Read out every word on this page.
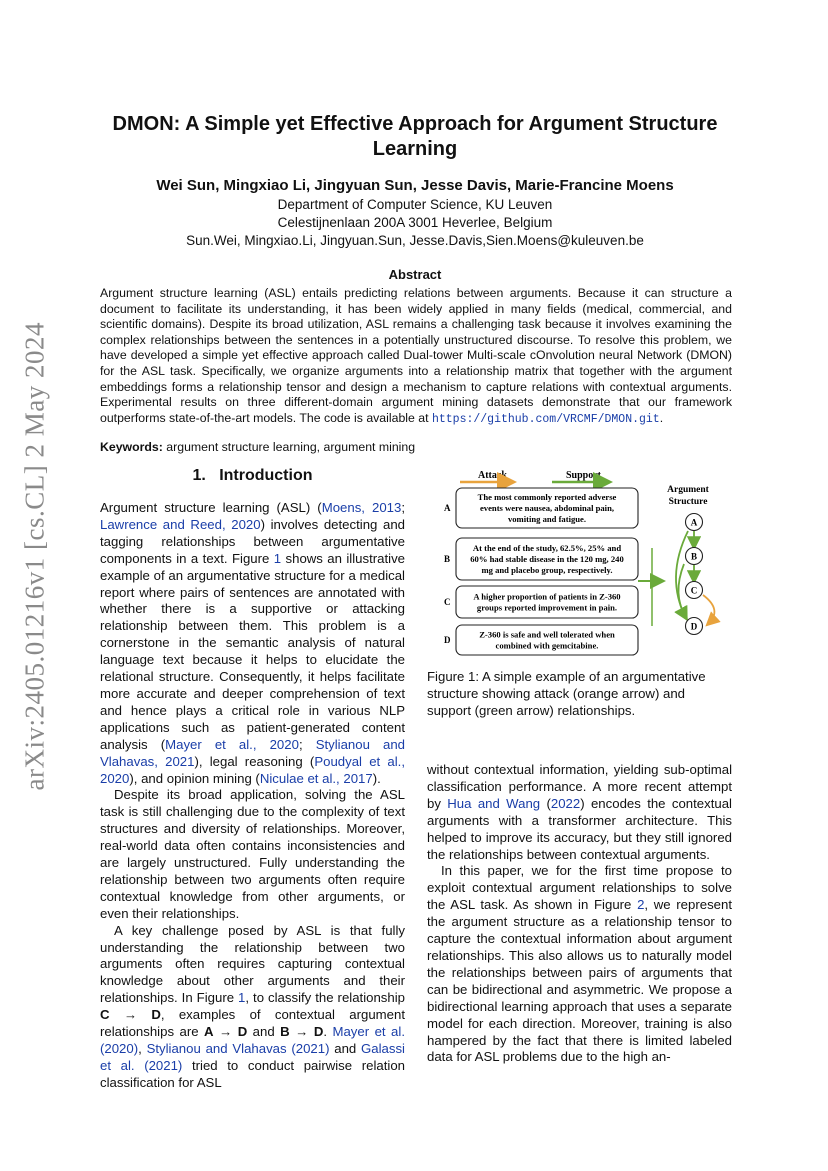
arXiv:2405.01216v1 [cs.CL] 2 May 2024
DMON: A Simple yet Effective Approach for Argument Structure Learning
Wei Sun, Mingxiao Li, Jingyuan Sun, Jesse Davis, Marie-Francine Moens
Department of Computer Science, KU Leuven
Celestijnenlaan 200A 3001 Heverlee, Belgium
Sun.Wei, Mingxiao.Li, Jingyuan.Sun, Jesse.Davis,Sien.Moens@kuleuven.be
Abstract
Argument structure learning (ASL) entails predicting relations between arguments. Because it can structure a document to facilitate its understanding, it has been widely applied in many fields (medical, commercial, and scientific domains). Despite its broad utilization, ASL remains a challenging task because it involves examining the complex relationships between the sentences in a potentially unstructured discourse. To resolve this problem, we have developed a simple yet effective approach called Dual-tower Multi-scale cOnvolution neural Network (DMON) for the ASL task. Specifically, we organize arguments into a relationship matrix that together with the argument embeddings forms a relationship tensor and design a mechanism to capture relations with contextual arguments. Experimental results on three different-domain argument mining datasets demonstrate that our framework outperforms state-of-the-art models. The code is available at https://github.com/VRCMF/DMON.git.
Keywords: argument structure learning, argument mining
1. Introduction

Argument structure learning (ASL) (Moens, 2013; Lawrence and Reed, 2020) involves detecting and tagging relationships between argumentative components in a text. Figure 1 shows an illustrative example of an argumentative structure for a medical report where pairs of sentences are annotated with whether there is a supportive or attacking relationship between them. This problem is a cornerstone in the semantic analysis of natural language text because it helps to elucidate the relational structure. Consequently, it helps facilitate more accurate and deeper comprehension of text and hence plays a critical role in various NLP applications such as patient-generated content analysis (Mayer et al., 2020; Stylianou and Vlahavas, 2021), legal reasoning (Poudyal et al., 2020), and opinion mining (Niculae et al., 2017).

Despite its broad application, solving the ASL task is still challenging due to the complexity of text structures and diversity of relationships. Moreover, real-world data often contains inconsistencies and are largely unstructured. Fully understanding the relationship between two arguments often require contextual knowledge from other arguments, or even their relationships.

A key challenge posed by ASL is that fully understanding the relationship between two arguments often requires capturing contextual knowledge about other arguments and their relationships. In Figure 1, to classify the relationship C → D, examples of contextual argument relationships are A → D and B → D. Mayer et al. (2020), Stylianou and Vlahavas (2021) and Galassi et al. (2021) tried to conduct pairwise relation classification for ASL

Attack	Support
Argument
Structure
A
The most commonly reported adverse
events were nausea, abdominal pain,
vomiting and fatigue.
B
At the end of the study, 62.5%, 25% and
60% had stable disease in the 120 mg, 240
mg and placebo group, respectively.
C
A higher proportion of patients in Z-360
groups reported improvement in pain.
D
Z-360 is safe and well tolerated when
combined with gemcitabine.
A
B
C
D
Figure 1: A simple example of an argumentative structure showing attack (orange arrow) and support (green arrow) relationships.

without contextual information, yielding sub-optimal classification performance. A more recent attempt by Hua and Wang (2022) encodes the contextual arguments with a transformer architecture. This helped to improve its accuracy, but they still ignored the relationships between contextual arguments.

In this paper, we for the first time propose to exploit contextual argument relationships to solve the ASL task. As shown in Figure 2, we represent the argument structure as a relationship tensor to capture the contextual information about argument relationships. This also allows us to naturally model the relationships between pairs of arguments that can be bidirectional and asymmetric. We propose a bidirectional learning approach that uses a separate model for each direction. Moreover, training is also hampered by the fact that there is limited labeled data for ASL problems due to the high an-
